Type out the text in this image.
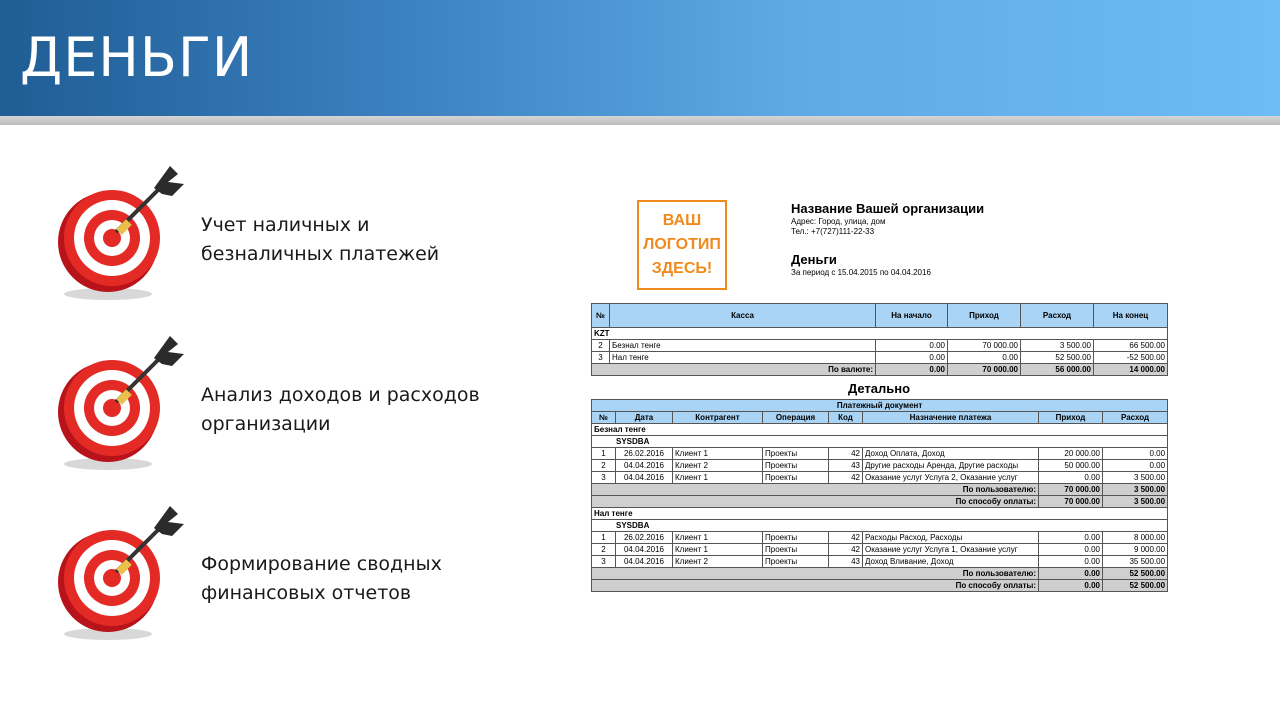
ДЕНЬГИ
Учет наличных и
безналичных платежей
Анализ доходов и расходов
организации
Формирование сводных
финансовых отчетов
ВАШ
ЛОГОТИП
ЗДЕСЬ!
Название Вашей организации
Адрес: Город, улица, дом
Тел.: +7(727)111-22-33
Деньги
За период с 15.04.2015 по 04.04.2016
№	Касса	На начало	Приход	Расход	На конец
KZT					
2	Безнал тенге	0.00	70 000.00	3 500.00	66 500.00
3	Нал тенге	0.00	0.00	52 500.00	-52 500.00
По валюте:		0.00	70 000.00	56 000.00	14 000.00
Детально
Платежный документ							
№	Дата	Контрагент	Операция	Код	Назначение платежа	Приход	Расход
Безнал тенге							
SYSDBA							
1	26.02.2016	Клиент 1	Проекты	42	Доход Оплата, Доход	20 000.00	0.00
2	04.04.2016	Клиент 2	Проекты	43	Другие расходы Аренда, Другие расходы	50 000.00	0.00
3	04.04.2016	Клиент 1	Проекты	42	Оказание услуг Услуга 2, Оказание услуг	0.00	3 500.00
По пользователю:						70 000.00	3 500.00
По способу оплаты:						70 000.00	3 500.00
Нал тенге							
SYSDBA							
1	26.02.2016	Клиент 1	Проекты	42	Расходы Расход, Расходы	0.00	8 000.00
2	04.04.2016	Клиент 1	Проекты	42	Оказание услуг Услуга 1, Оказание услуг	0.00	9 000.00
3	04.04.2016	Клиент 2	Проекты	43	Доход Вливание, Доход	0.00	35 500.00
По пользователю:						0.00	52 500.00
По способу оплаты:						0.00	52 500.00
